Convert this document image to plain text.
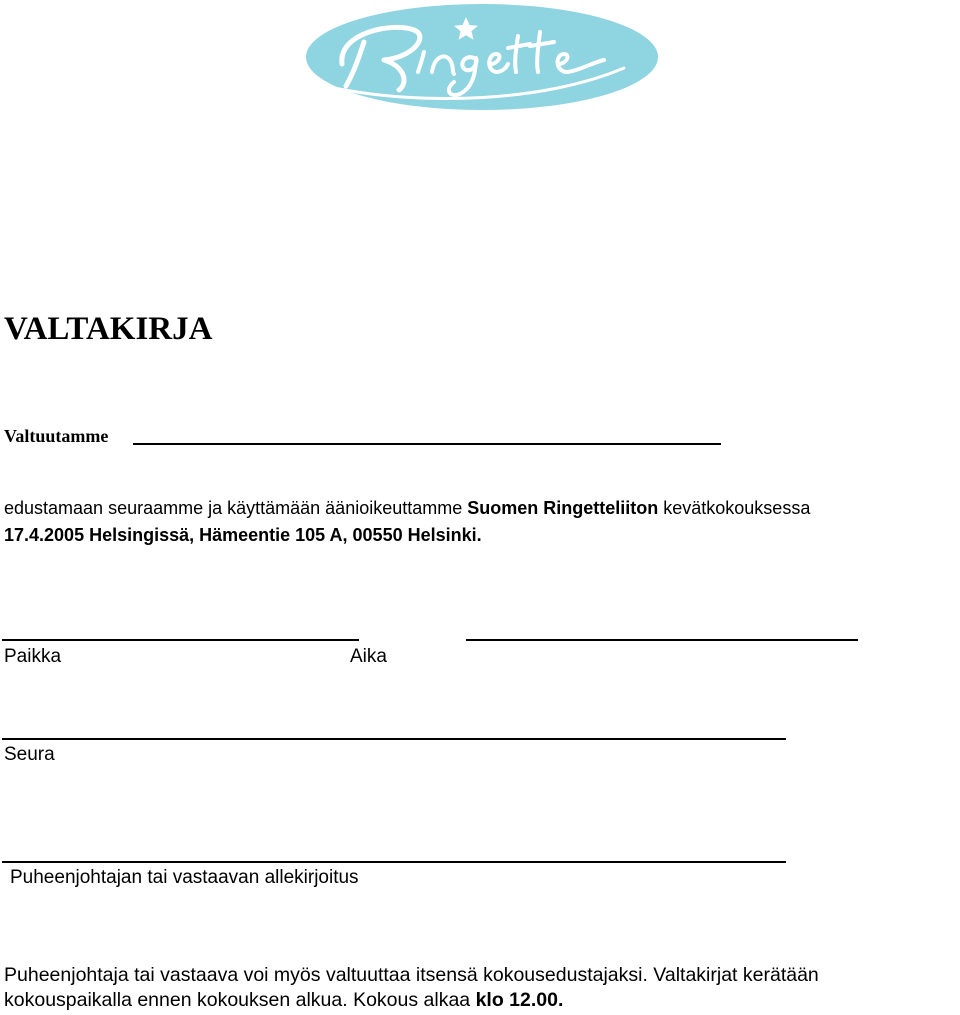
VALTAKIRJA
Valtuutamme
edustamaan seuraamme ja käyttämään äänioikeuttamme Suomen Ringetteliiton kevätkokouksessa
17.4.2005 Helsingissä, Hämeentie 105 A, 00550 Helsinki.
Paikka	Aika
Seura
Puheenjohtajan tai vastaavan allekirjoitus
Puheenjohtaja tai vastaava voi myös valtuuttaa itsensä kokousedustajaksi. Valtakirjat kerätään
kokouspaikalla ennen kokouksen alkua. Kokous alkaa klo 12.00.
